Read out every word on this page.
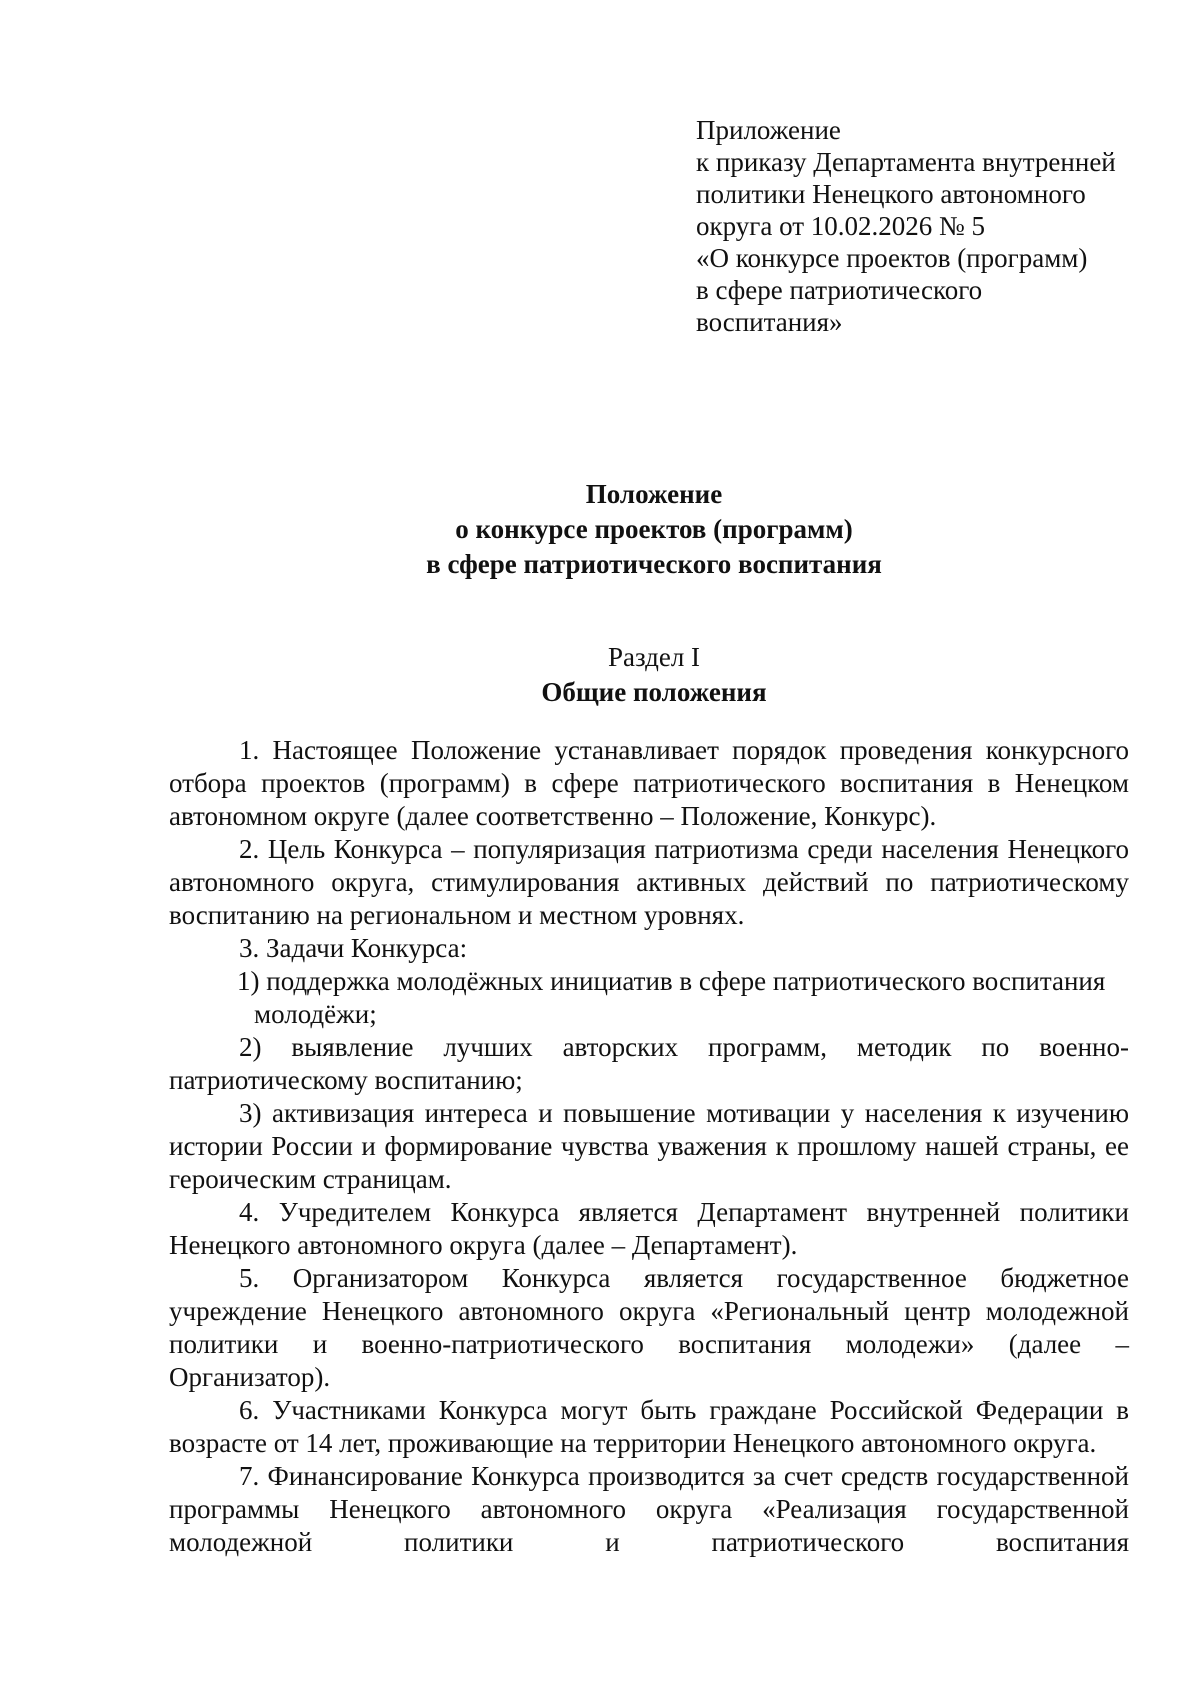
Приложение
к приказу Департамента внутренней
политики Ненецкого автономного
округа от 10.02.2026 № 5
«О конкурсе проектов (программ)
в сфере патриотического
воспитания»
Положение
о конкурсе проектов (программ)
в сфере патриотического воспитания
Раздел I
Общие положения

1. Настоящее Положение устанавливает порядок проведения конкурсного отбора проектов (программ) в сфере патриотического воспитания в Ненецком автономном округе (далее соответственно – Положение, Конкурс).

2. Цель Конкурса – популяризация патриотизма среди населения Ненецкого автономного округа, стимулирования активных действий по патриотическому воспитанию на региональном и местном уровнях.

3. Задачи Конкурса:

1) поддержка молодёжных инициатив в сфере патриотического воспитания молодёжи;

2) выявление лучших авторских программ, методик по военно- патриотическому воспитанию;

3) активизация интереса и повышение мотивации у населения к изучению истории России и формирование чувства уважения к прошлому нашей страны, ее героическим страницам.

4. Учредителем Конкурса является Департамент внутренней политики Ненецкого автономного округа (далее – Департамент).

5. Организатором Конкурса является государственное бюджетное учреждение Ненецкого автономного округа «Региональный центр молодежной политики и военно-патриотического воспитания молодежи» (далее – Организатор).

6. Участниками Конкурса могут быть граждане Российской Федерации в возрасте от 14 лет, проживающие на территории Ненецкого автономного округа.

7. Финансирование Конкурса производится за счет средств государственной программы Ненецкого автономного округа «Реализация государственной молодежной политики и патриотического воспитания
